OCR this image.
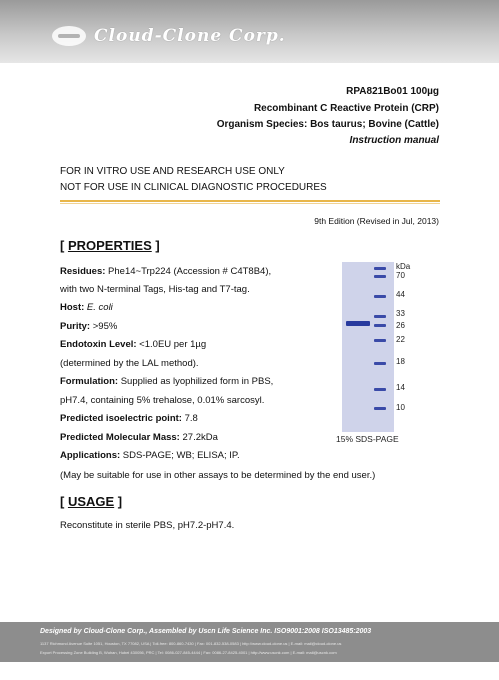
Cloud-Clone Corp.
RPA821Bo01 100µg
Recombinant C Reactive Protein (CRP)
Organism Species: Bos taurus; Bovine (Cattle)
Instruction manual
FOR IN VITRO USE AND RESEARCH USE ONLY
NOT FOR USE IN CLINICAL DIAGNOSTIC PROCEDURES
9th Edition (Revised in Jul, 2013)
[ PROPERTIES ]
Residues: Phe14~Trp224 (Accession # C4T8B4),
with two N-terminal Tags, His-tag and T7-tag.
Host: E. coli
Purity: >95%
Endotoxin Level: <1.0EU per 1µg
(determined by the LAL method).
Formulation: Supplied as lyophilized form in PBS,
pH7.4, containing 5% trehalose, 0.01% sarcosyl.
Predicted isoelectric point: 7.8
Predicted Molecular Mass: 27.2kDa
Applications: SDS-PAGE; WB; ELISA; IP.
(May be suitable for use in other assays to be determined by the end user.)
kDa
70
44
33
26
22
18
14
10
15% SDS-PAGE
[ USAGE ]
Reconstitute in sterile PBS, pH7.2-pH7.4.
Designed by Cloud-Clone Corp., Assembled by Uscn Life Science Inc. ISO9001:2008 ISO13485:2003
1137 Richmond Avenue Suite 1051, Houston, TX 77082, USA | Toll-free: 800-860-7430 | Fax: 001-832-538-0583 | http://www.cloud-clone.us | E-mail: mail@cloud-clone.us
Export Processing Zone Building B, Wuhan, Hubei 430056, PRC | Tel: 0086-027-845-4444 | Fax: 0086-27-8425-4001 | http://www.uscnk.com | E-mail: mail@uscnk.com
